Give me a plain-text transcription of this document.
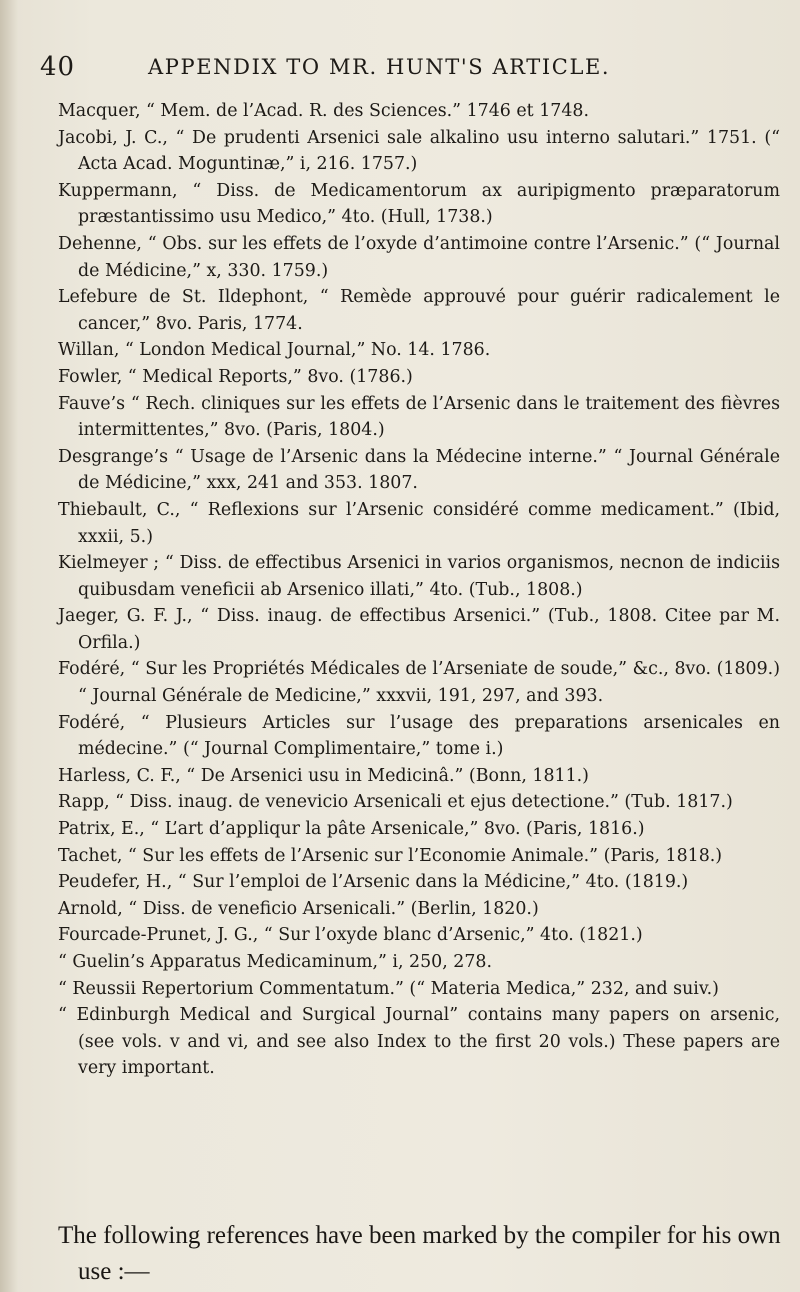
40	APPENDIX TO MR. HUNT'S ARTICLE.

Macquer, “ Mem. de l’Acad. R. des Sciences.” 1746 et 1748.

Jacobi, J. C., “ De prudenti Arsenici sale alkalino usu interno salutari.” 1751. (“ Acta Acad. Moguntinæ,” i, 216. 1757.)

Kuppermann, “ Diss. de Medicamentorum ax auripigmento præparatorum præstantissimo usu Medico,” 4to. (Hull, 1738.)

Dehenne, “ Obs. sur les effets de l’oxyde d’antimoine contre l’Arsenic.” (“ Journal de Médicine,” x, 330. 1759.)

Lefebure de St. Ildephont, “ Remède approuvé pour guérir radicalement le cancer,” 8vo. Paris, 1774.

Willan, “ London Medical Journal,” No. 14. 1786.

Fowler, “ Medical Reports,” 8vo. (1786.)

Fauve’s “ Rech. cliniques sur les effets de l’Arsenic dans le traitement des fièvres intermittentes,” 8vo. (Paris, 1804.)

Desgrange’s “ Usage de l’Arsenic dans la Médecine interne.” “ Journal Générale de Médicine,” xxx, 241 and 353. 1807.

Thiebault, C., “ Reflexions sur l’Arsenic considéré comme medicament.” (Ibid, xxxii, 5.)

Kielmeyer ; “ Diss. de effectibus Arsenici in varios organismos, necnon de indiciis quibusdam veneficii ab Arsenico illati,” 4to. (Tub., 1808.)

Jaeger, G. F. J., “ Diss. inaug. de effectibus Arsenici.” (Tub., 1808. Citee par M. Orfila.)

Fodéré, “ Sur les Propriétés Médicales de l’Arseniate de soude,” &c., 8vo. (1809.) “ Journal Générale de Medicine,” xxxvii, 191, 297, and 393.

Fodéré, “ Plusieurs Articles sur l’usage des preparations arsenicales en médecine.” (“ Journal Complimentaire,” tome i.)

Harless, C. F., “ De Arsenici usu in Medicinâ.” (Bonn, 1811.)

Rapp, “ Diss. inaug. de venevicio Arsenicali et ejus detectione.” (Tub. 1817.)

Patrix, E., “ L’art d’appliqur la pâte Arsenicale,” 8vo. (Paris, 1816.)

Tachet, “ Sur les effets de l’Arsenic sur l’Economie Animale.” (Paris, 1818.)

Peudefer, H., “ Sur l’emploi de l’Arsenic dans la Médicine,” 4to. (1819.)

Arnold, “ Diss. de veneficio Arsenicali.” (Berlin, 1820.)

Fourcade-Prunet, J. G., “ Sur l’oxyde blanc d’Arsenic,” 4to. (1821.)

“ Guelin’s Apparatus Medicaminum,” i, 250, 278.

“ Reussii Repertorium Commentatum.” (“ Materia Medica,” 232, and suiv.)

“ Edinburgh Medical and Surgical Journal” contains many papers on arsenic, (see vols. v and vi, and see also Index to the first 20 vols.) These papers are very important.

The following references have been marked by the compiler for his own use :—
